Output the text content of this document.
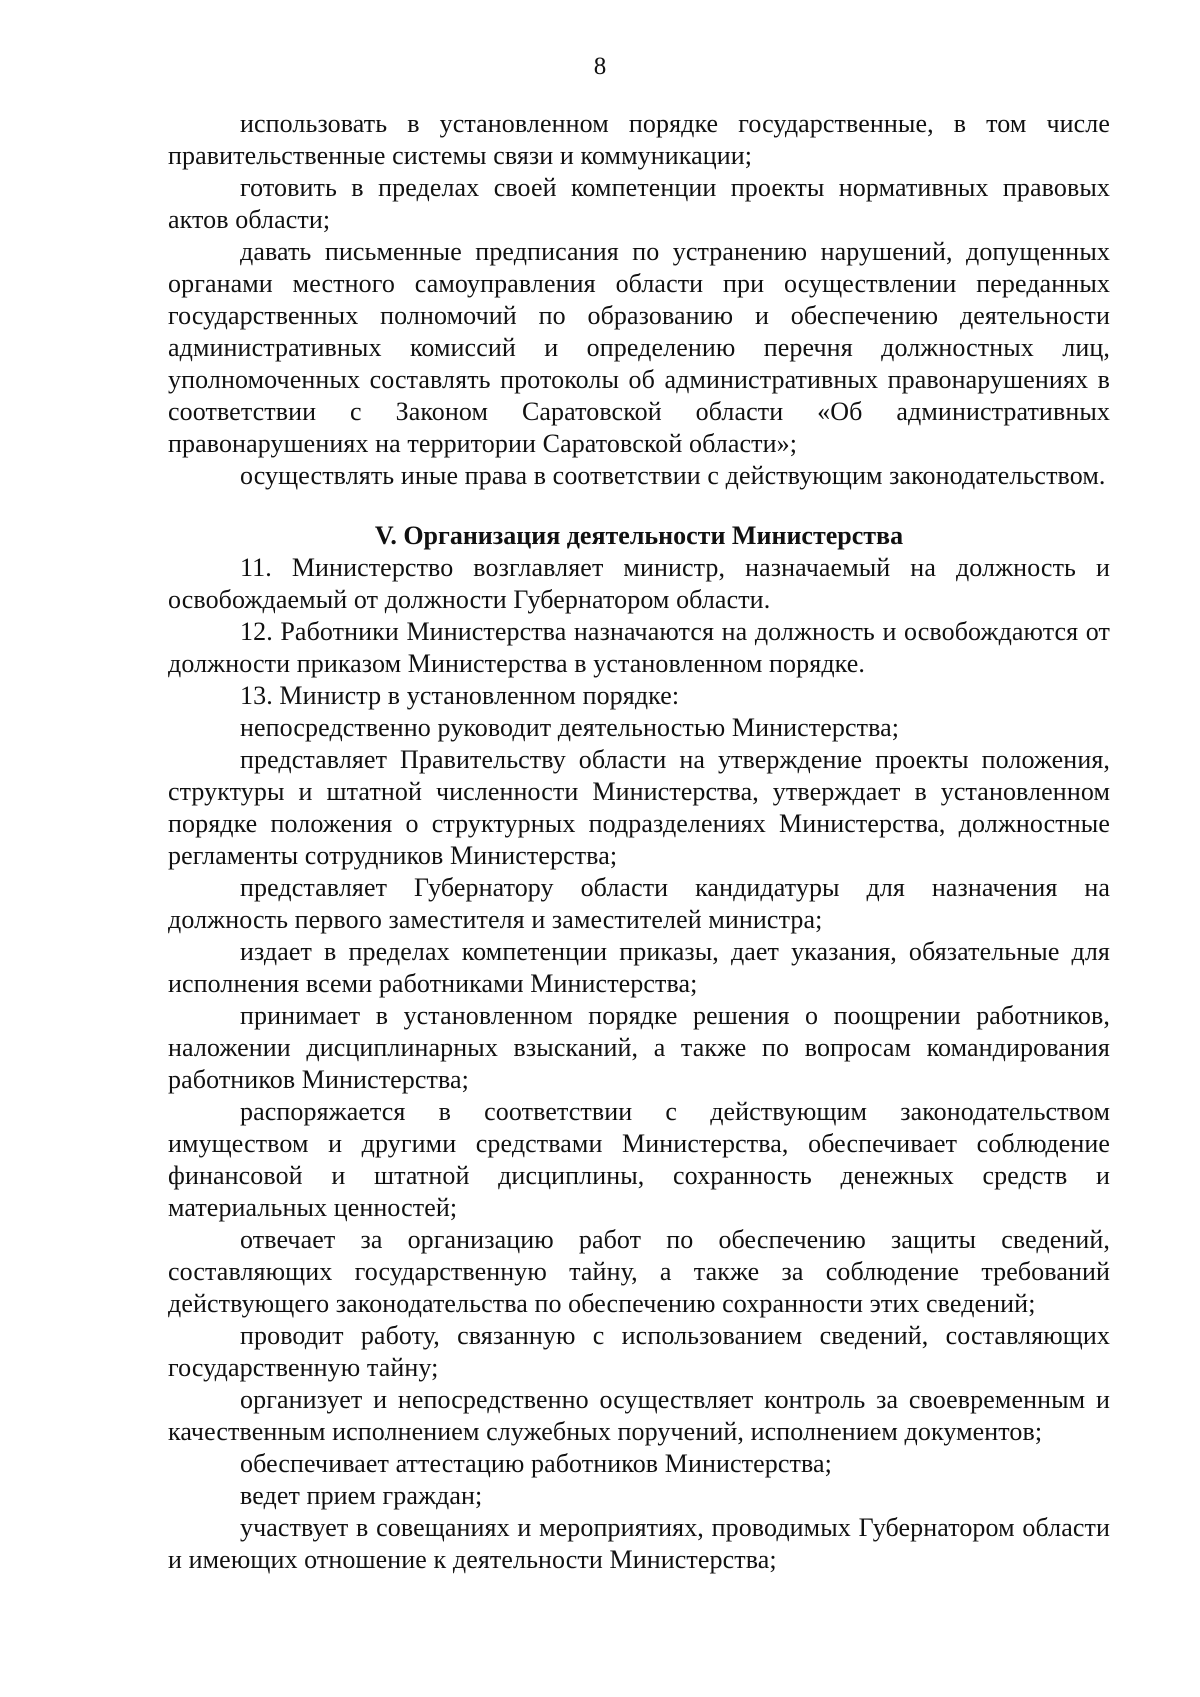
8

использовать в установленном порядке государственные, в том числе правительственные системы связи и коммуникации;

готовить в пределах своей компетенции проекты нормативных правовых актов области;

давать письменные предписания по устранению нарушений, допущенных органами местного самоуправления области при осуществлении переданных государственных полномочий по образованию и обеспечению деятельности административных комиссий и определению перечня должностных лиц, уполномоченных составлять протоколы об административных правонарушениях в соответствии с Законом Саратовской области «Об административных правонарушениях на территории Саратовской области»;

осуществлять иные права в соответствии с действующим законодательством.

V. Организация деятельности Министерства

11. Министерство возглавляет министр, назначаемый на должность и освобождаемый от должности Губернатором области.

12. Работники Министерства назначаются на должность и освобождаются от должности приказом Министерства в установленном порядке.

13. Министр в установленном порядке:

непосредственно руководит деятельностью Министерства;

представляет Правительству области на утверждение проекты положения, структуры и штатной численности Министерства, утверждает в установленном порядке положения о структурных подразделениях Министерства, должностные регламенты сотрудников Министерства;

представляет Губернатору области кандидатуры для назначения на должность первого заместителя и заместителей министра;

издает в пределах компетенции приказы, дает указания, обязательные для исполнения всеми работниками Министерства;

принимает в установленном порядке решения о поощрении работников, наложении дисциплинарных взысканий, а также по вопросам командирования работников Министерства;

распоряжается в соответствии с действующим законодательством имуществом и другими средствами Министерства, обеспечивает соблюдение финансовой и штатной дисциплины, сохранность денежных средств и материальных ценностей;

отвечает за организацию работ по обеспечению защиты сведений, составляющих государственную тайну, а также за соблюдение требований действующего законодательства по обеспечению сохранности этих сведений;

проводит работу, связанную с использованием сведений, составляющих государственную тайну;

организует и непосредственно осуществляет контроль за своевременным и качественным исполнением служебных поручений, исполнением документов;

обеспечивает аттестацию работников Министерства;

ведет прием граждан;

участвует в совещаниях и мероприятиях, проводимых Губернатором области и имеющих отношение к деятельности Министерства;
